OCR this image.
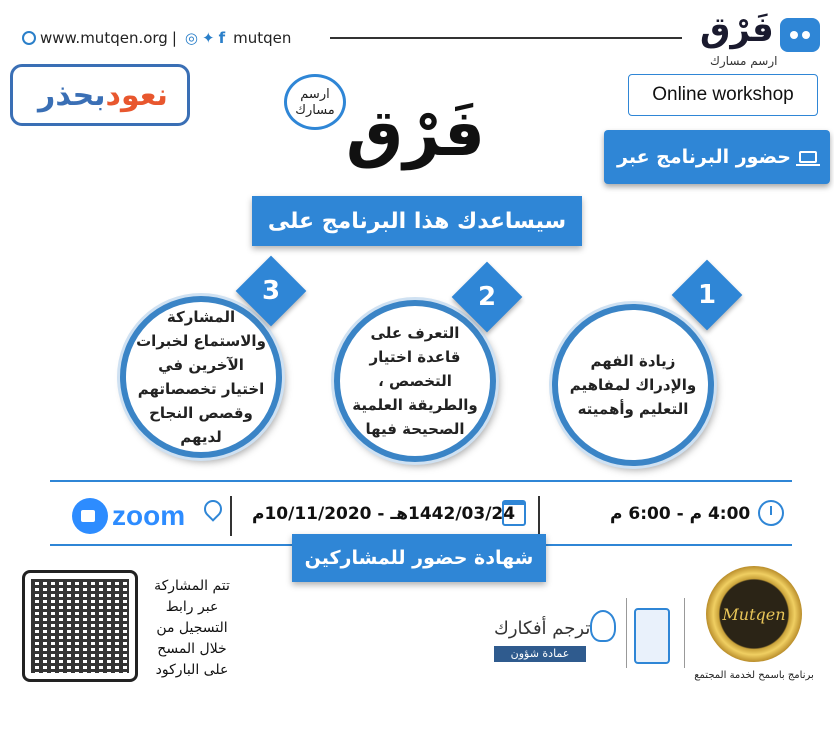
www.mutqen.org | ◎ ✦ f mutqen	فَرْق
ارسم مسارك
نعود
بحذر	Online workshop
حضور البرنامج عبر
ارسم مسارك فَرْق
سيساعدك هذا البرنامج على
زيادة الفهم والإدراك لمفاهيم التعليم وأهميته
1
التعرف على قاعدة اختيار التخصص ، والطريقة العلمية الصحيحة فيها
2
المشاركة والاستماع لخبرات الآخرين في اختيار تخصصاتهم وقصص النجاح لديهم
3
4:00 م - 6:00 م
1442/03/24هـ - 10/11/2020م
zoom
شهادة حضور للمشاركين
تتم المشاركة عبر رابط التسجيل من خلال المسح على الباركود
ترجم أفكارك
عمادة شؤون الطلاب
Mutqen
برنامج باسمح لخدمة المجتمع
